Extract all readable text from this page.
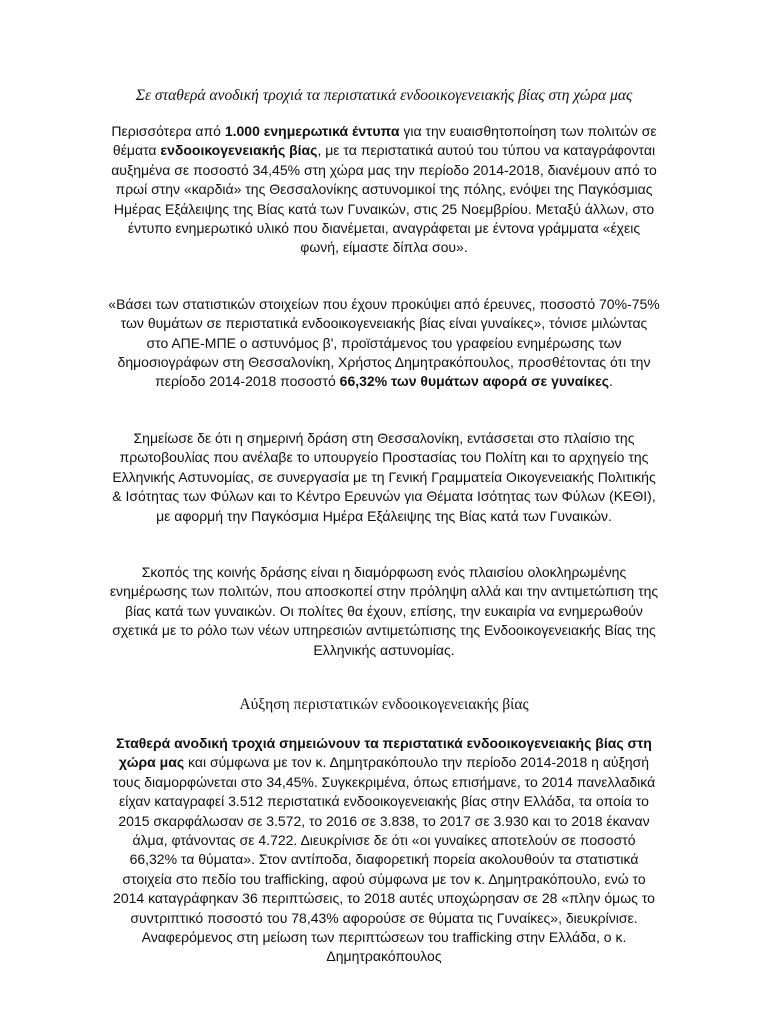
Σε σταθερά ανοδική τροχιά τα περιστατικά ενδοοικογενειακής βίας στη χώρα μας

Περισσότερα από 1.000 ενημερωτικά έντυπα για την ευαισθητοποίηση των πολιτών σε θέματα ενδοοικογενειακής βίας, με τα περιστατικά αυτού του τύπου να καταγράφονται αυξημένα σε ποσοστό 34,45% στη χώρα μας την περίοδο 2014-2018, διανέμουν από το πρωί στην «καρδιά» της Θεσσαλονίκης αστυνομικοί της πόλης, ενόψει της Παγκόσμιας Ημέρας Εξάλειψης της Βίας κατά των Γυναικών, στις 25 Νοεμβρίου. Μεταξύ άλλων, στο έντυπο ενημερωτικό υλικό που διανέμεται, αναγράφεται με έντονα γράμματα «έχεις φωνή, είμαστε δίπλα σου».

«Βάσει των στατιστικών στοιχείων που έχουν προκύψει από έρευνες, ποσοστό 70%-75% των θυμάτων σε περιστατικά ενδοοικογενειακής βίας είναι γυναίκες», τόνισε μιλώντας στο ΑΠΕ-ΜΠΕ ο αστυνόμος β', προϊστάμενος του γραφείου ενημέρωσης των δημοσιογράφων στη Θεσσαλονίκη, Χρήστος Δημητρακόπουλος, προσθέτοντας ότι την περίοδο 2014-2018 ποσοστό 66,32% των θυμάτων αφορά σε γυναίκες.

Σημείωσε δε ότι η σημερινή δράση στη Θεσσαλονίκη, εντάσσεται στο πλαίσιο της πρωτοβουλίας που ανέλαβε το υπουργείο Προστασίας του Πολίτη και το αρχηγείο της Ελληνικής Αστυνομίας, σε συνεργασία με τη Γενική Γραμματεία Οικογενειακής Πολιτικής & Ισότητας των Φύλων και το Κέντρο Ερευνών για Θέματα Ισότητας των Φύλων (ΚΕΘΙ), με αφορμή την Παγκόσμια Ημέρα Εξάλειψης της Βίας κατά των Γυναικών.

Σκοπός της κοινής δράσης είναι η διαμόρφωση ενός πλαισίου ολοκληρωμένης ενημέρωσης των πολιτών, που αποσκοπεί στην πρόληψη αλλά και την αντιμετώπιση της βίας κατά των γυναικών. Οι πολίτες θα έχουν, επίσης, την ευκαιρία να ενημερωθούν σχετικά με το ρόλο των νέων υπηρεσιών αντιμετώπισης της Ενδοοικογενειακής Βίας της Ελληνικής αστυνομίας.

Αύξηση περιστατικών ενδοοικογενειακής βίας

Σταθερά ανοδική τροχιά σημειώνουν τα περιστατικά ενδοοικογενειακής βίας στη χώρα μας και σύμφωνα με τον κ. Δημητρακόπουλο την περίοδο 2014-2018 η αύξησή τους διαμορφώνεται στο 34,45%. Συγκεκριμένα, όπως επισήμανε, το 2014 πανελλαδικά είχαν καταγραφεί 3.512 περιστατικά ενδοοικογενειακής βίας στην Ελλάδα, τα οποία το 2015 σκαρφάλωσαν σε 3.572, το 2016 σε 3.838, το 2017 σε 3.930 και το 2018 έκαναν άλμα, φτάνοντας σε 4.722. Διευκρίνισε δε ότι «οι γυναίκες αποτελούν σε ποσοστό 66,32% τα θύματα». Στον αντίποδα, διαφορετική πορεία ακολουθούν τα στατιστικά στοιχεία στο πεδίο του trafficking, αφού σύμφωνα με τον κ. Δημητρακόπουλο, ενώ το 2014 καταγράφηκαν 36 περιπτώσεις, το 2018 αυτές υποχώρησαν σε 28 «πλην όμως το συντριπτικό ποσοστό του 78,43% αφορούσε σε θύματα τις Γυναίκες», διευκρίνισε. Αναφερόμενος στη μείωση των περιπτώσεων του trafficking στην Ελλάδα, ο κ. Δημητρακόπουλος
